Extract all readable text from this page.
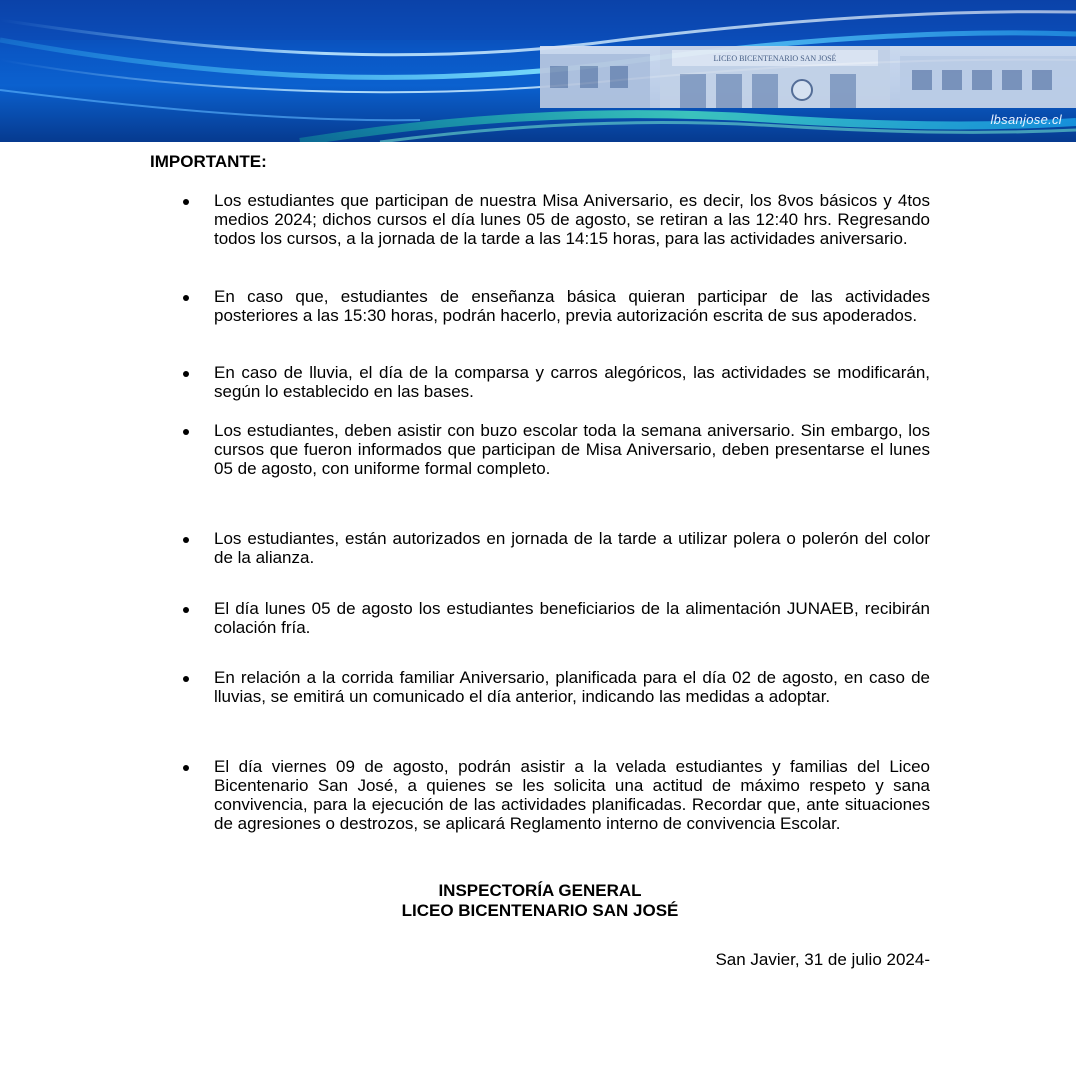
LICEO BICENTENARIO SAN JOSÉ
lbsanjose.cl
IMPORTANTE:
Los estudiantes que participan de nuestra Misa Aniversario, es decir, los 8vos básicos y 4tos medios 2024; dichos cursos el día lunes 05 de agosto, se retiran a las 12:40 hrs. Regresando todos los cursos, a la jornada de la tarde a las 14:15 horas, para las actividades aniversario.
En caso que, estudiantes de enseñanza básica quieran participar de las actividades posteriores a las 15:30 horas, podrán hacerlo, previa autorización escrita de sus apoderados.
En caso de lluvia, el día de la comparsa y carros alegóricos, las actividades se modificarán, según lo establecido en las bases.
Los estudiantes, deben asistir con buzo escolar toda la semana aniversario. Sin embargo, los cursos que fueron informados que participan de Misa Aniversario, deben presentarse el lunes 05 de agosto, con uniforme formal completo.
Los estudiantes, están autorizados en jornada de la tarde a utilizar polera o polerón del color de la alianza.
El día lunes 05 de agosto los estudiantes beneficiarios de la alimentación JUNAEB, recibirán colación fría.
En relación a la corrida familiar Aniversario, planificada para el día 02 de agosto, en caso de lluvias, se emitirá un comunicado el día anterior, indicando las medidas a adoptar.
El día viernes 09 de agosto, podrán asistir a la velada estudiantes y familias del Liceo Bicentenario San José, a quienes se les solicita una actitud de máximo respeto y sana convivencia, para la ejecución de las actividades planificadas. Recordar que, ante situaciones de agresiones o destrozos, se aplicará Reglamento interno de convivencia Escolar.
INSPECTORÍA GENERAL
LICEO BICENTENARIO SAN JOSÉ
San Javier, 31 de julio 2024-
